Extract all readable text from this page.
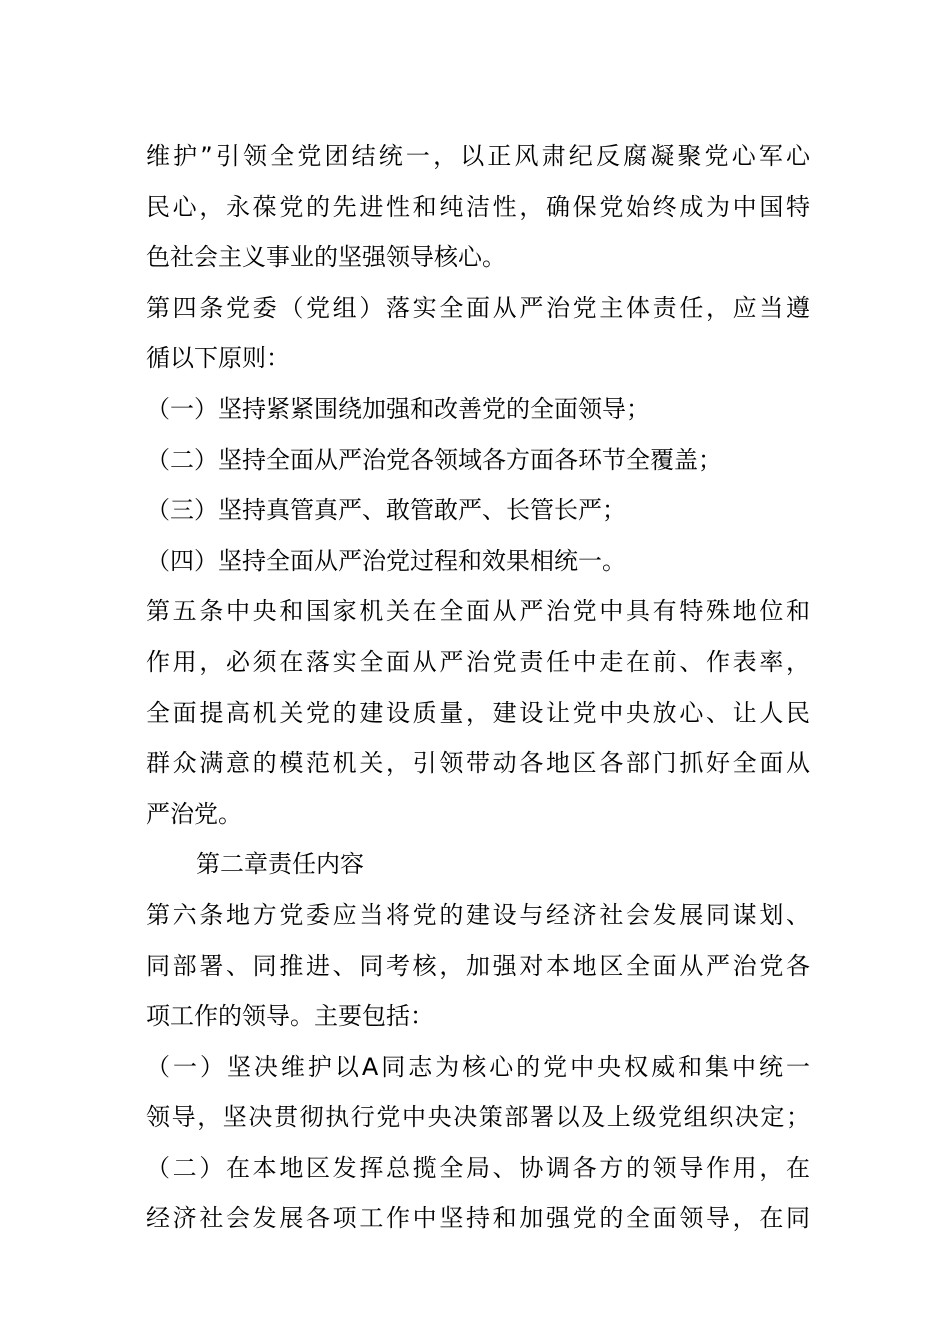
维护”引领全党团结统一，以正风肃纪反腐凝聚党心军心
民心，永葆党的先进性和纯洁性，确保党始终成为中国特
色社会主义事业的坚强领导核心。
第四条党委（党组）落实全面从严治党主体责任，应当遵
循以下原则：
（一）坚持紧紧围绕加强和改善党的全面领导；
（二）坚持全面从严治党各领域各方面各环节全覆盖；
（三）坚持真管真严、敢管敢严、长管长严；
（四）坚持全面从严治党过程和效果相统一。
第五条中央和国家机关在全面从严治党中具有特殊地位和
作用，必须在落实全面从严治党责任中走在前、作表率，
全面提高机关党的建设质量，建设让党中央放心、让人民
群众满意的模范机关，引领带动各地区各部门抓好全面从
严治党。
第二章责任内容
第六条地方党委应当将党的建设与经济社会发展同谋划、
同部署、同推进、同考核，加强对本地区全面从严治党各
项工作的领导。主要包括：
（一）坚决维护以A同志为核心的党中央权威和集中统一
领导，坚决贯彻执行党中央决策部署以及上级党组织决定；
（二）在本地区发挥总揽全局、协调各方的领导作用，在
经济社会发展各项工作中坚持和加强党的全面领导，在同
